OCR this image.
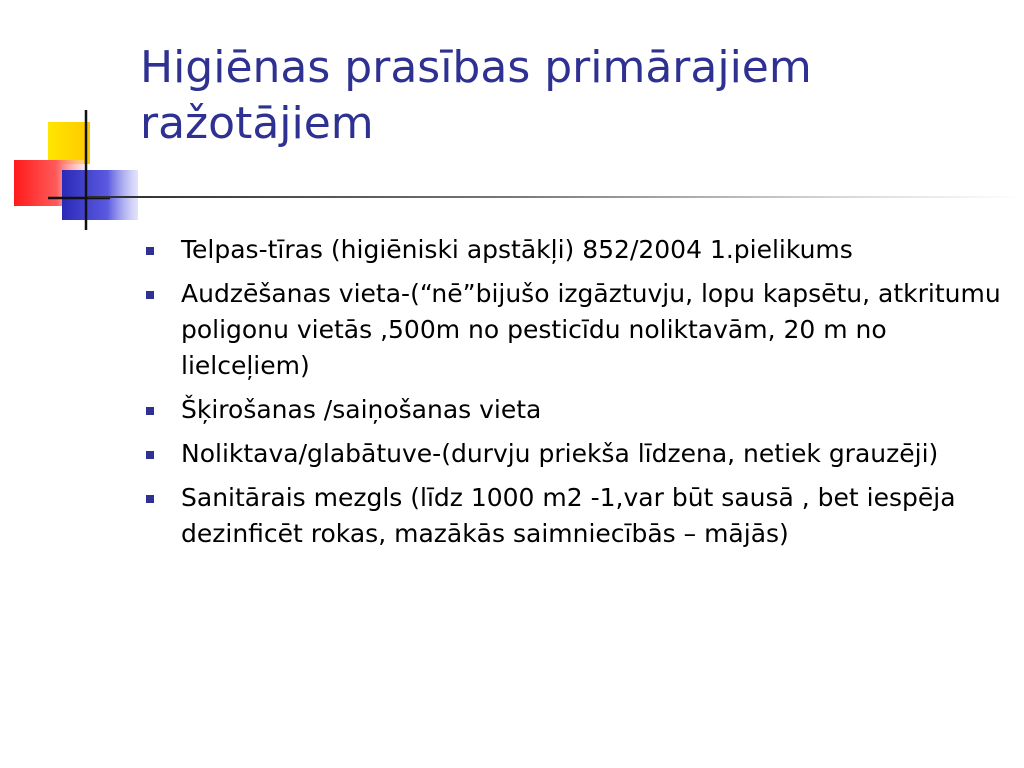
Higiēnas prasības primārajiem ražotājiem
Telpas-tīras (higiēniski apstākļi) 852/2004 1.pielikums
Audzēšanas vieta-(“nē”bijušo izgāztuvju, lopu kapsētu, atkritumu poligonu vietās ,500m no pesticīdu noliktavām, 20 m no lielceļiem)
Šķirošanas /saiņošanas vieta
Noliktava/glabātuve-(durvju priekša līdzena, netiek grauzēji)
Sanitārais mezgls (līdz 1000 m2 -1,var būt sausā , bet iespēja dezinficēt rokas, mazākās saimniecībās – mājās)
